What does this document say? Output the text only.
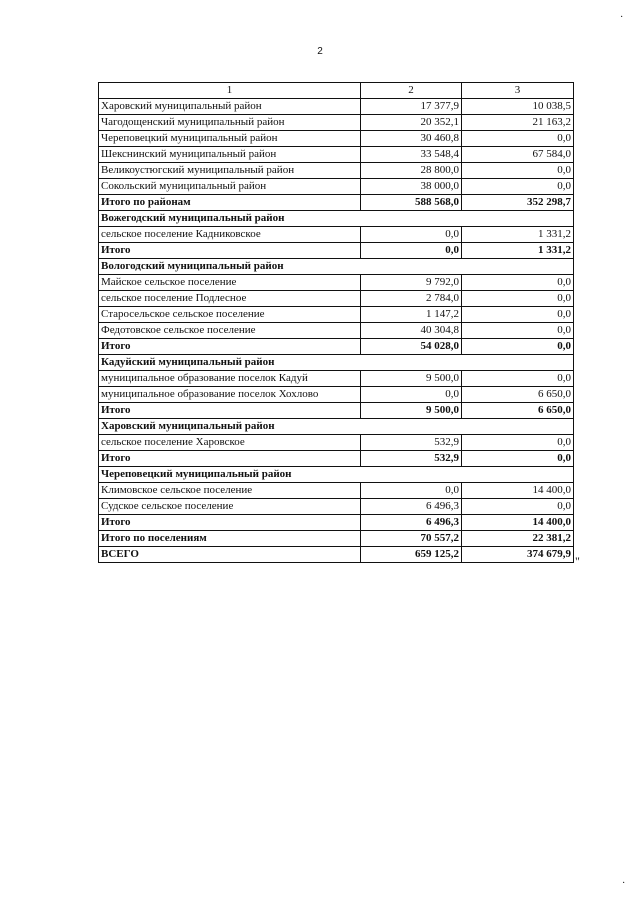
2
1	2	3
Харовский муниципальный район	17 377,9	10 038,5
Чагодощенский муниципальный район	20 352,1	21 163,2
Череповецкий муниципальный район	30 460,8	0,0
Шекснинский муниципальный район	33 548,4	67 584,0
Великоустюгский муниципальный район	28 800,0	0,0
Сокольский муниципальный район	38 000,0	0,0
Итого по районам	588 568,0	352 298,7
Вожегодский муниципальный район		
сельское поселение Кадниковское	0,0	1 331,2
Итого	0,0	1 331,2
Вологодский муниципальный район		
Майское сельское поселение	9 792,0	0,0
сельское поселение Подлесное	2 784,0	0,0
Старосельское сельское поселение	1 147,2	0,0
Федотовское сельское поселение	40 304,8	0,0
Итого	54 028,0	0,0
Кадуйский муниципальный район		
муниципальное образование поселок Кадуй	9 500,0	0,0
муниципальное образование поселок Хохлово	0,0	6 650,0
Итого	9 500,0	6 650,0
Харовский муниципальный район		
сельское поселение Харовское	532,9	0,0
Итого	532,9	0,0
Череповецкий муниципальный район		
Климовское сельское поселение	0,0	14 400,0
Судское сельское поселение	6 496,3	0,0
Итого	6 496,3	14 400,0
Итого по поселениям	70 557,2	22 381,2
ВСЕГО	659 125,2	374 679,9 "
·
·
